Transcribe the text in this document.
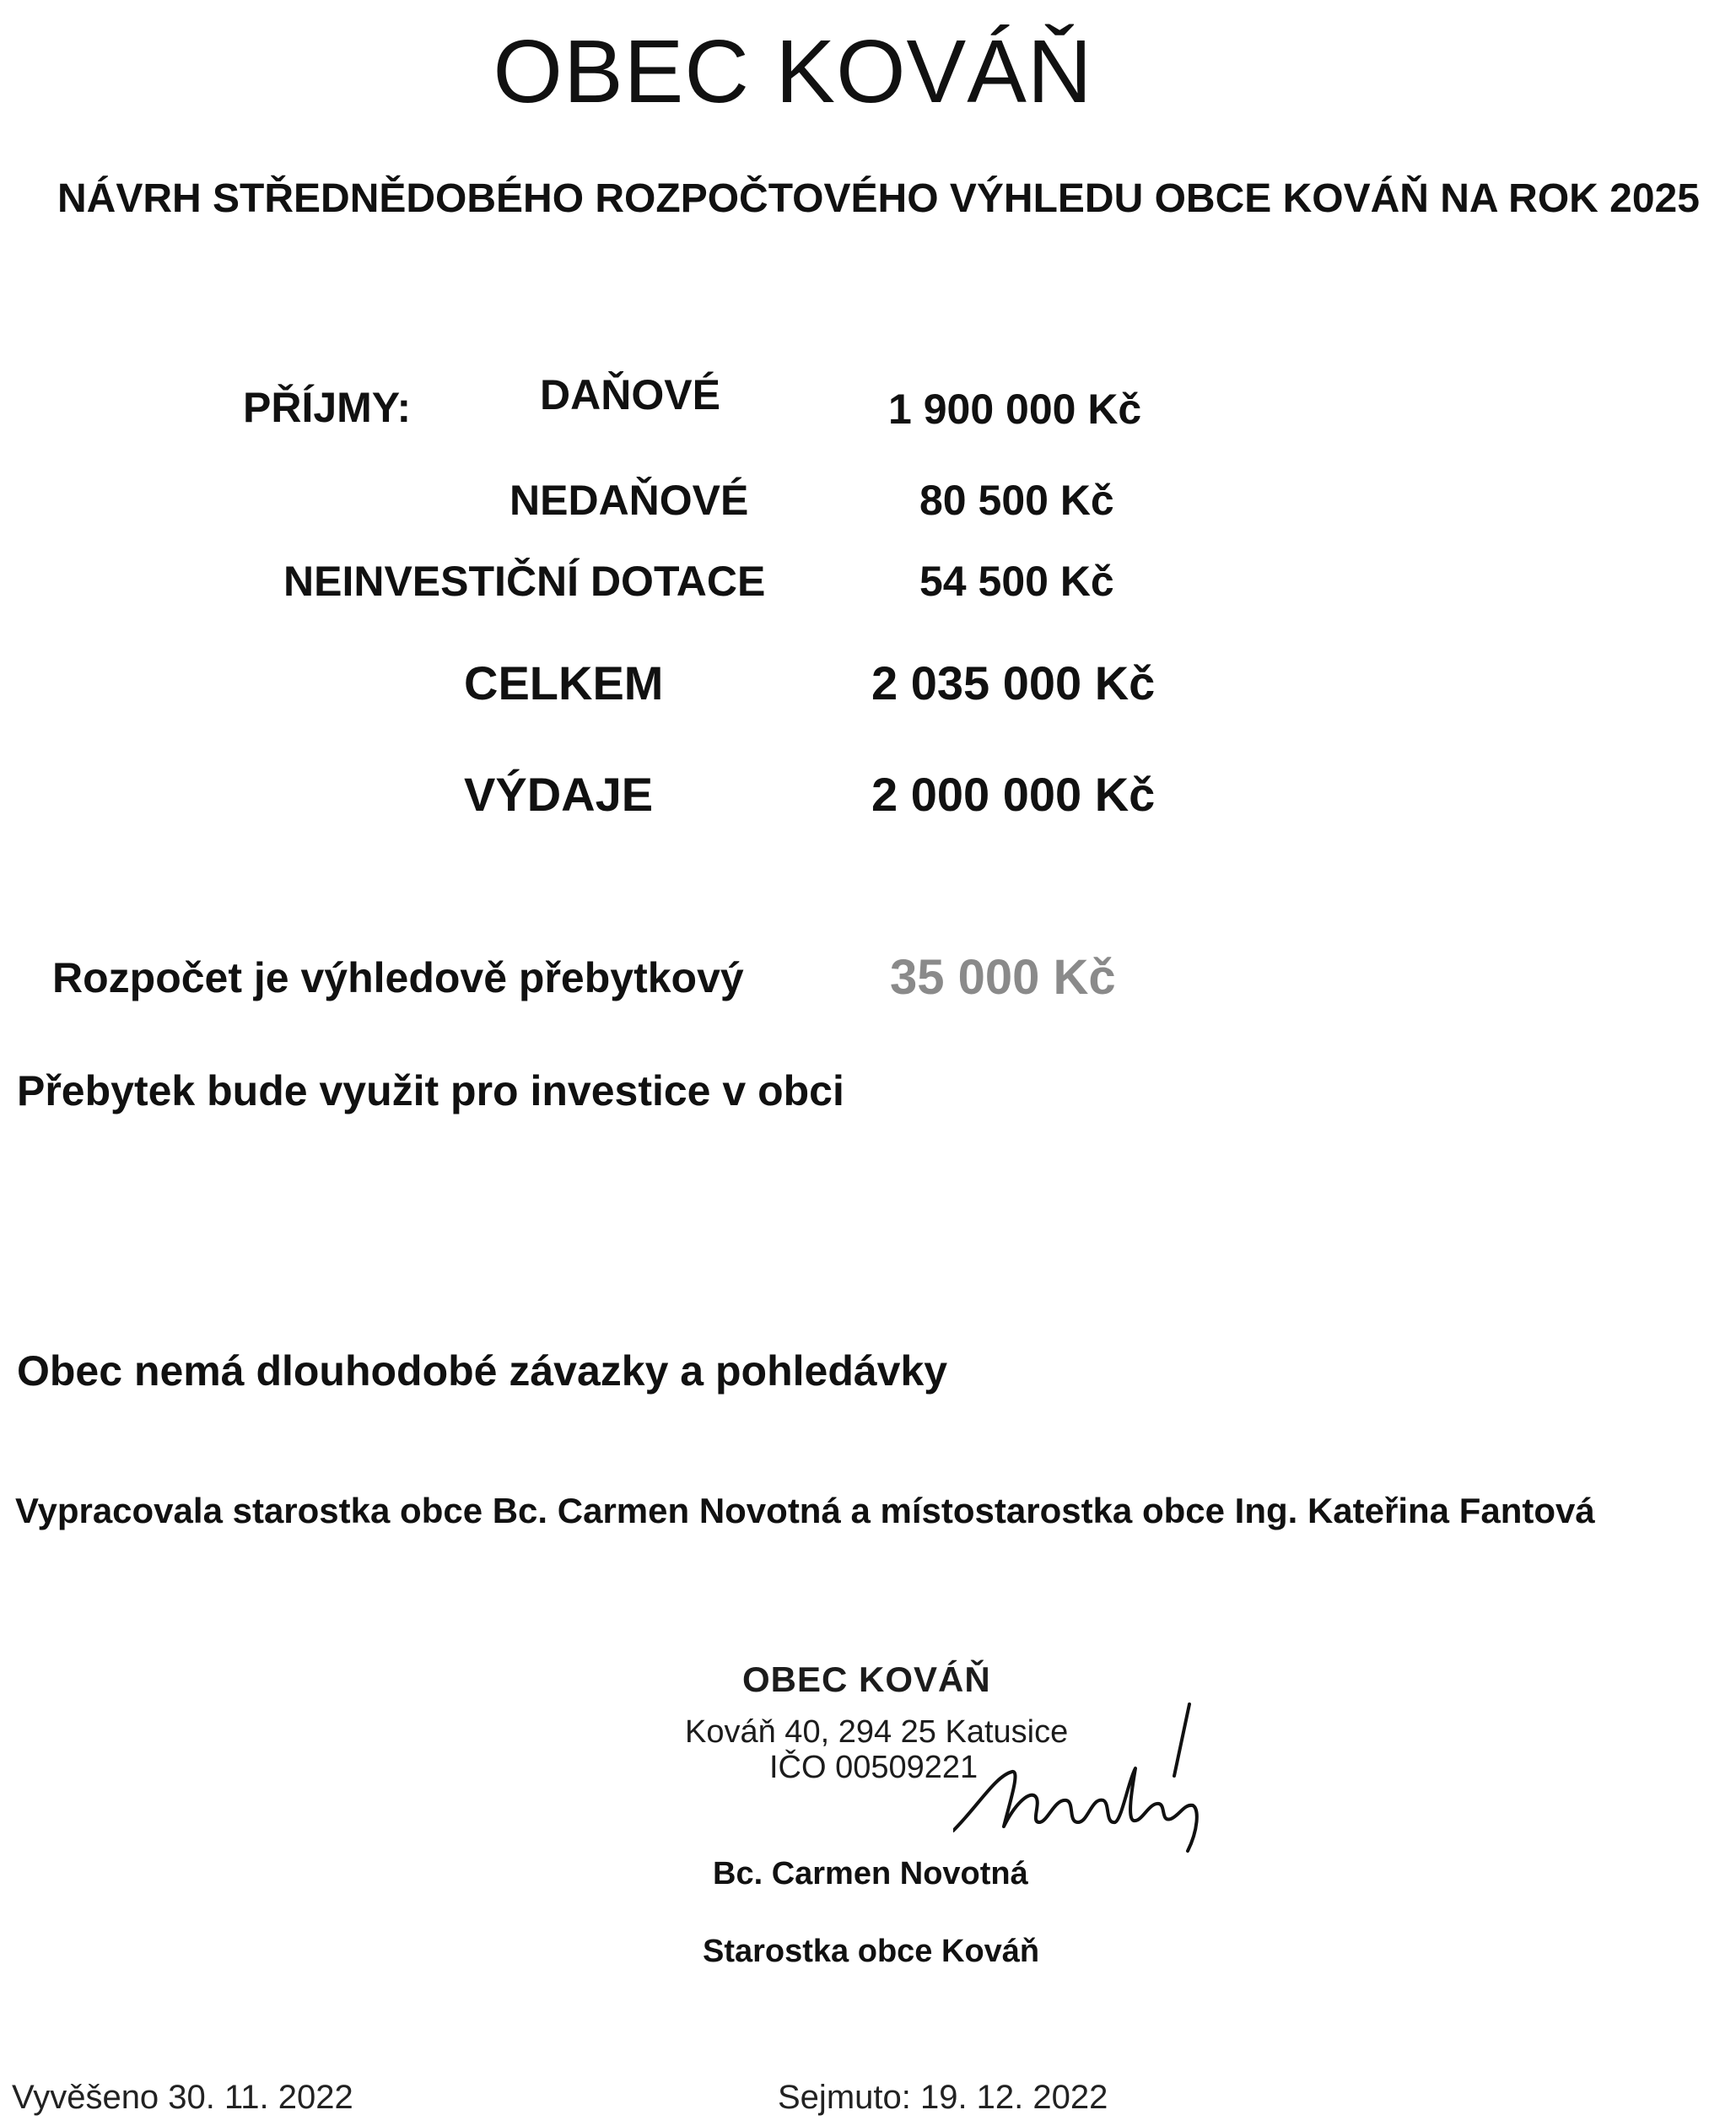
OBEC KOVÁŇ
NÁVRH STŘEDNĚDOBÉHO ROZPOČTOVÉHO VÝHLEDU OBCE KOVÁŇ NA ROK 2025
PŘÍJMY:	DAŇOVÉ	1 900 000 Kč
NEDAŇOVÉ	80 500 Kč
NEINVESTIČNÍ DOTACE	54 500 Kč
CELKEM	2 035 000 Kč
VÝDAJE	2 000 000 Kč
Rozpočet je výhledově přebytkový	35 000 Kč
Přebytek bude využit pro investice v obci
Obec nemá dlouhodobé závazky a pohledávky
Vypracovala starostka obce Bc. Carmen Novotná a místostarostka obce Ing. Kateřina Fantová
OBEC KOVÁŇ
Kováň 40, 294 25 Katusice
IČO 00509221
Bc. Carmen Novotná
Starostka obce Kováň
Vyvěšeno 30. 11. 2022	Sejmuto: 19. 12. 2022
